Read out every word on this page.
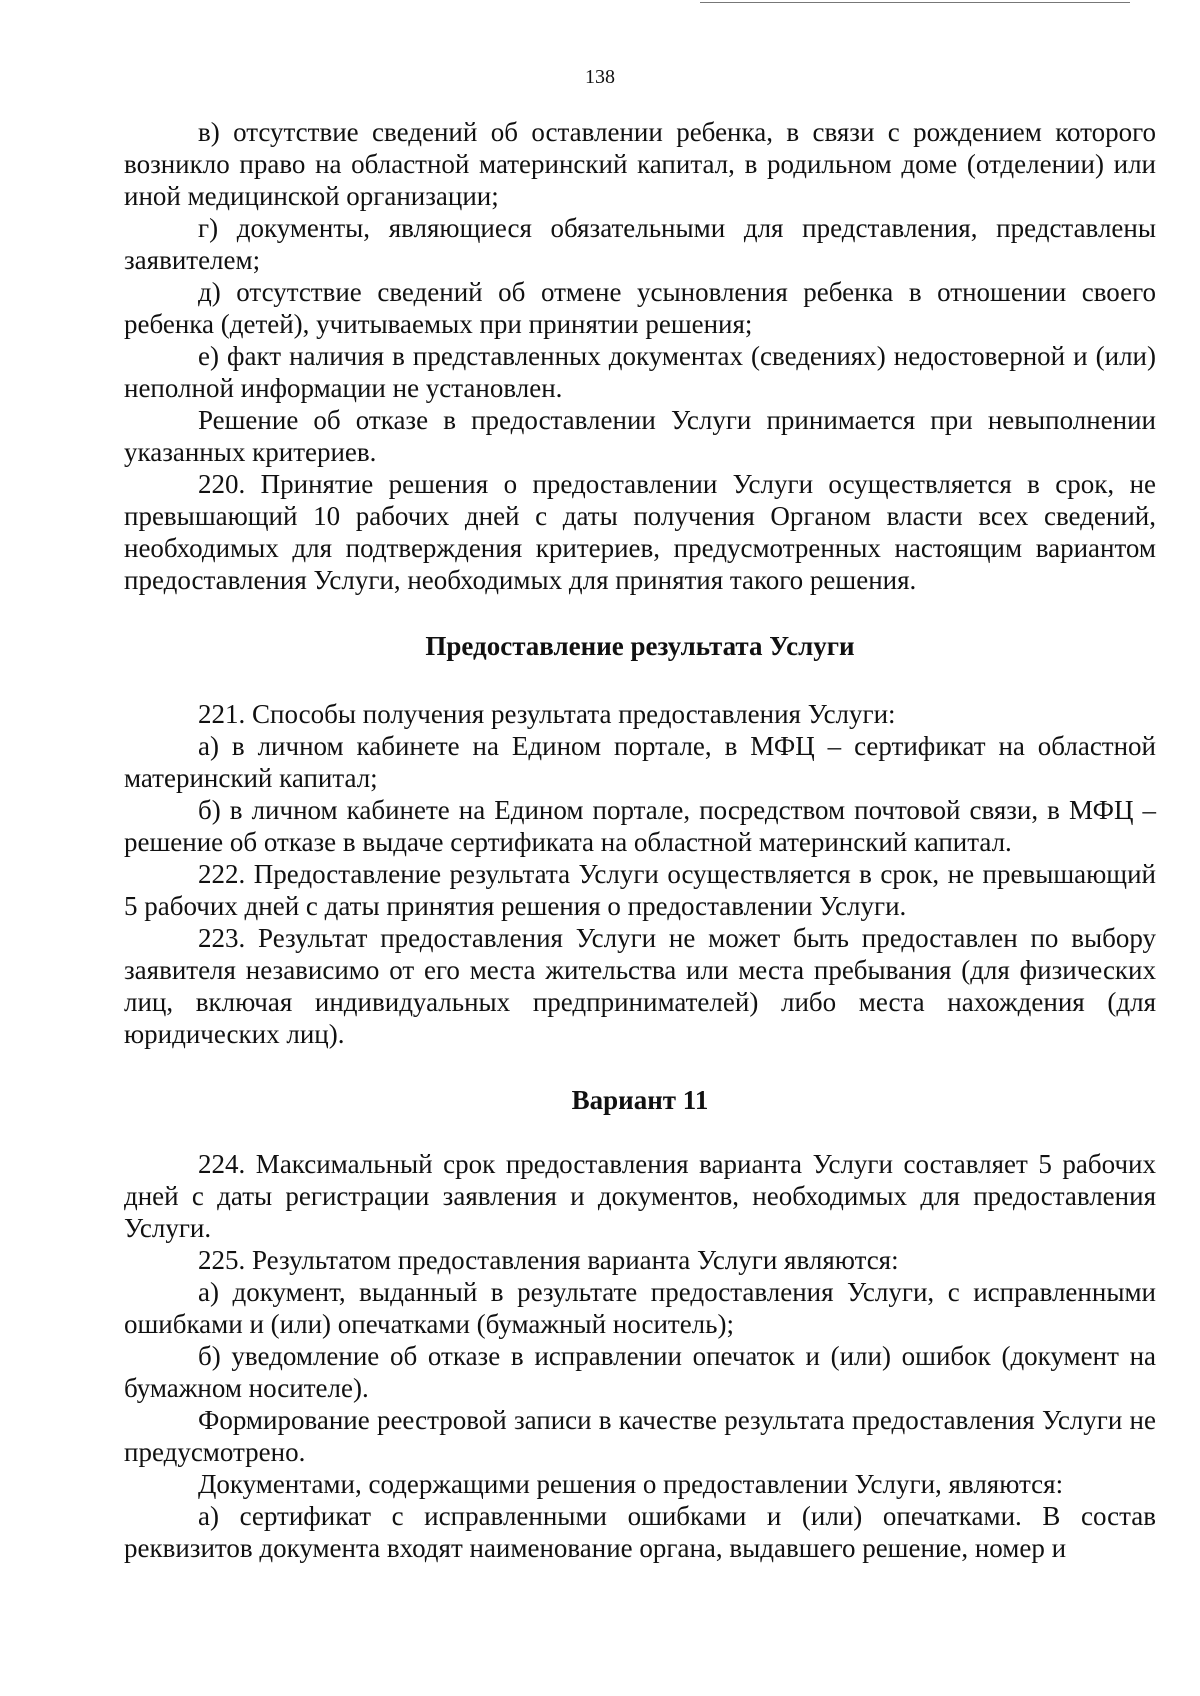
138

в) отсутствие сведений об оставлении ребенка, в связи с рождением которого возникло право на областной материнский капитал, в родильном доме (отделении) или иной медицинской организации;

г) документы, являющиеся обязательными для представления, представлены заявителем;

д) отсутствие сведений об отмене усыновления ребенка в отношении своего ребенка (детей), учитываемых при принятии решения;

е) факт наличия в представленных документах (сведениях) недостоверной и (или) неполной информации не установлен.

Решение об отказе в предоставлении Услуги принимается при невыполнении указанных критериев.

220. Принятие решения о предоставлении Услуги осуществляется в срок, не превышающий 10 рабочих дней с даты получения Органом власти всех сведений, необходимых для подтверждения критериев, предусмотренных настоящим вариантом предоставления Услуги, необходимых для принятия такого решения.

Предоставление результата Услуги

221. Способы получения результата предоставления Услуги:

а) в личном кабинете на Едином портале, в МФЦ – сертификат на областной материнский капитал;

б) в личном кабинете на Едином портале, посредством почтовой связи, в МФЦ – решение об отказе в выдаче сертификата на областной материнский капитал.

222. Предоставление результата Услуги осуществляется в срок, не превышающий 5 рабочих дней с даты принятия решения о предоставлении Услуги.

223. Результат предоставления Услуги не может быть предоставлен по выбору заявителя независимо от его места жительства или места пребывания (для физических лиц, включая индивидуальных предпринимателей) либо места нахождения (для юридических лиц).

Вариант 11

224. Максимальный срок предоставления варианта Услуги составляет 5 рабочих дней с даты регистрации заявления и документов, необходимых для предоставления Услуги.

225. Результатом предоставления варианта Услуги являются:

а) документ, выданный в результате предоставления Услуги, с исправленными ошибками и (или) опечатками (бумажный носитель);

б) уведомление об отказе в исправлении опечаток и (или) ошибок (документ на бумажном носителе).

Формирование реестровой записи в качестве результата предоставления Услуги не предусмотрено.

Документами, содержащими решения о предоставлении Услуги, являются:

а) сертификат с исправленными ошибками и (или) опечатками. В состав реквизитов документа входят наименование органа, выдавшего решение, номер и
